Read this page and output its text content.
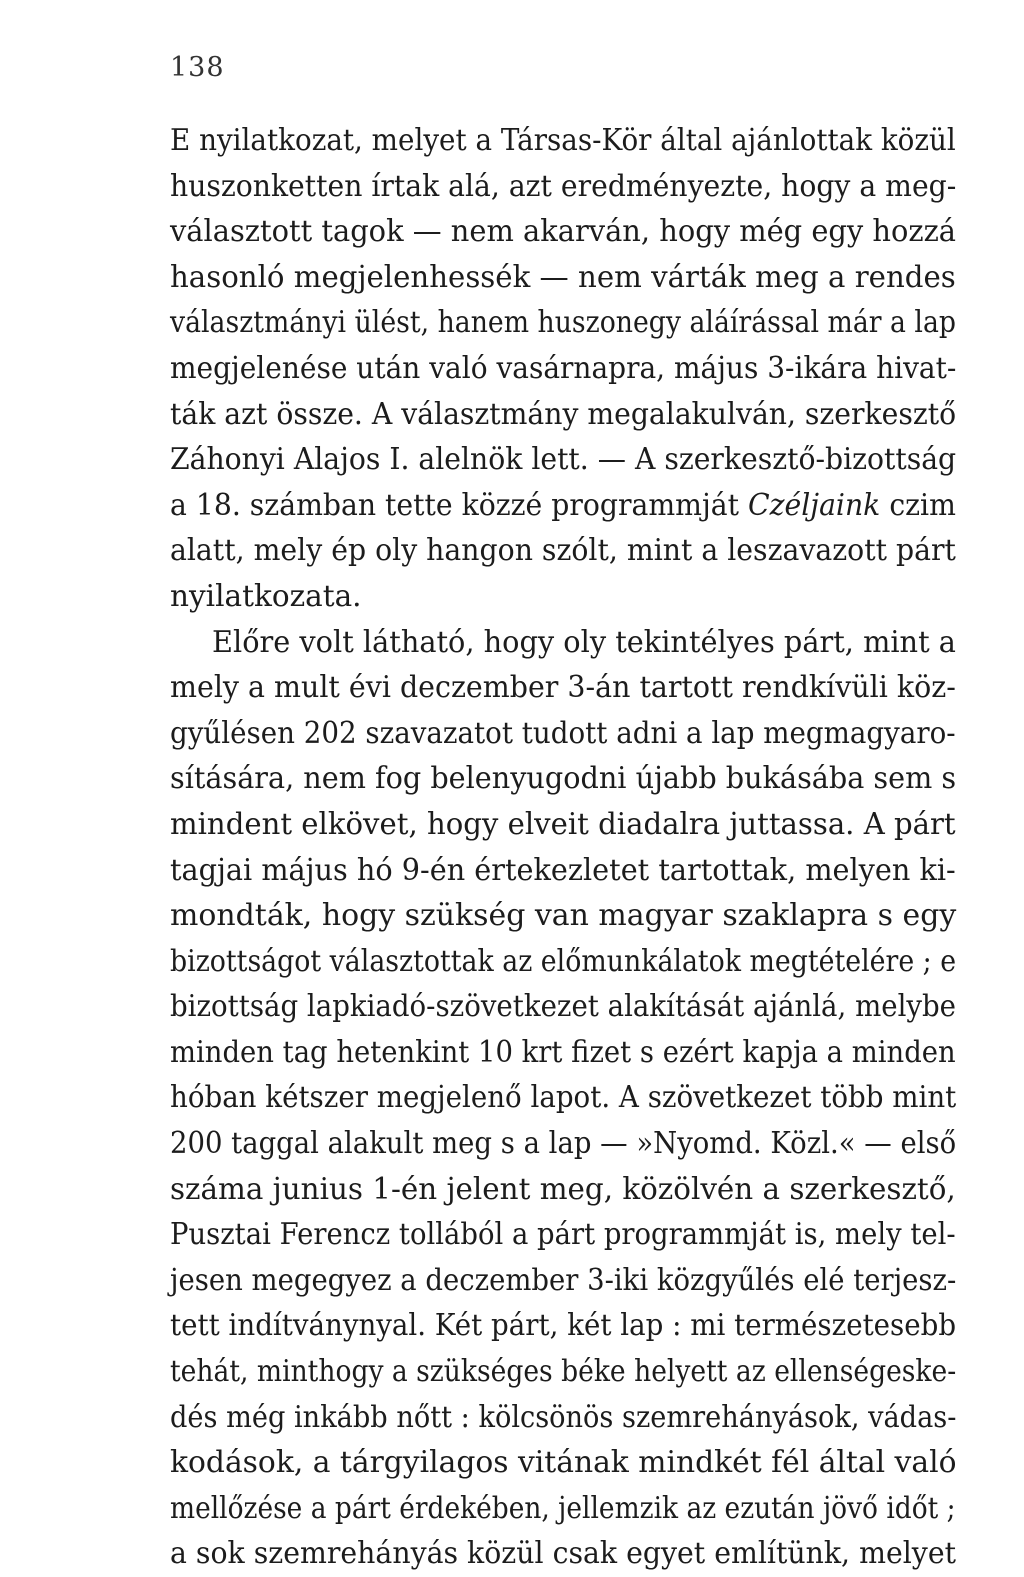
138
E nyilatkozat, melyet a Társas-Kör által ajánlottak közül
huszonketten írtak alá, azt eredményezte, hogy a meg-
választott tagok — nem akarván, hogy még egy hozzá
hasonló megjelenhessék — nem várták meg a rendes
választmányi ülést, hanem huszonegy aláírással már a lap
megjelenése után való vasárnapra, május 3-ikára hivat-
ták azt össze. A választmány megalakulván, szerkesztő
Záhonyi Alajos I. alelnök lett. — A szerkesztő-bizottság
a 18. számban tette közzé programmját Czéljaink czim
alatt, mely ép oly hangon szólt, mint a leszavazott párt
nyilatkozata.
Előre volt látható, hogy oly tekintélyes párt, mint a
mely a mult évi deczember 3-án tartott rendkívüli köz-
gyűlésen 202 szavazatot tudott adni a lap megmagyaro-
sítására, nem fog belenyugodni újabb bukásába sem s
mindent elkövet, hogy elveit diadalra juttassa. A párt
tagjai május hó 9-én értekezletet tartottak, melyen ki-
mondták, hogy szükség van magyar szaklapra s egy
bizottságot választottak az előmunkálatok megtételére ; e
bizottság lapkiadó-szövetkezet alakítását ajánlá, melybe
minden tag hetenkint 10 krt fizet s ezért kapja a minden
hóban kétszer megjelenő lapot. A szövetkezet több mint
200 taggal alakult meg s a lap — »Nyomd. Közl.« — első
száma junius 1-én jelent meg, közölvén a szerkesztő,
Pusztai Ferencz tollából a párt programmját is, mely tel-
jesen megegyez a deczember 3-iki közgyűlés elé terjesz-
tett indítványnyal. Két párt, két lap : mi természetesebb
tehát, minthogy a szükséges béke helyett az ellenségeske-
dés még inkább nőtt : kölcsönös szemrehányások, vádas-
kodások, a tárgyilagos vitának mindkét fél által való
mellőzése a párt érdekében, jellemzik az ezután jövő időt ;
a sok szemrehányás közül csak egyet említünk, melyet
